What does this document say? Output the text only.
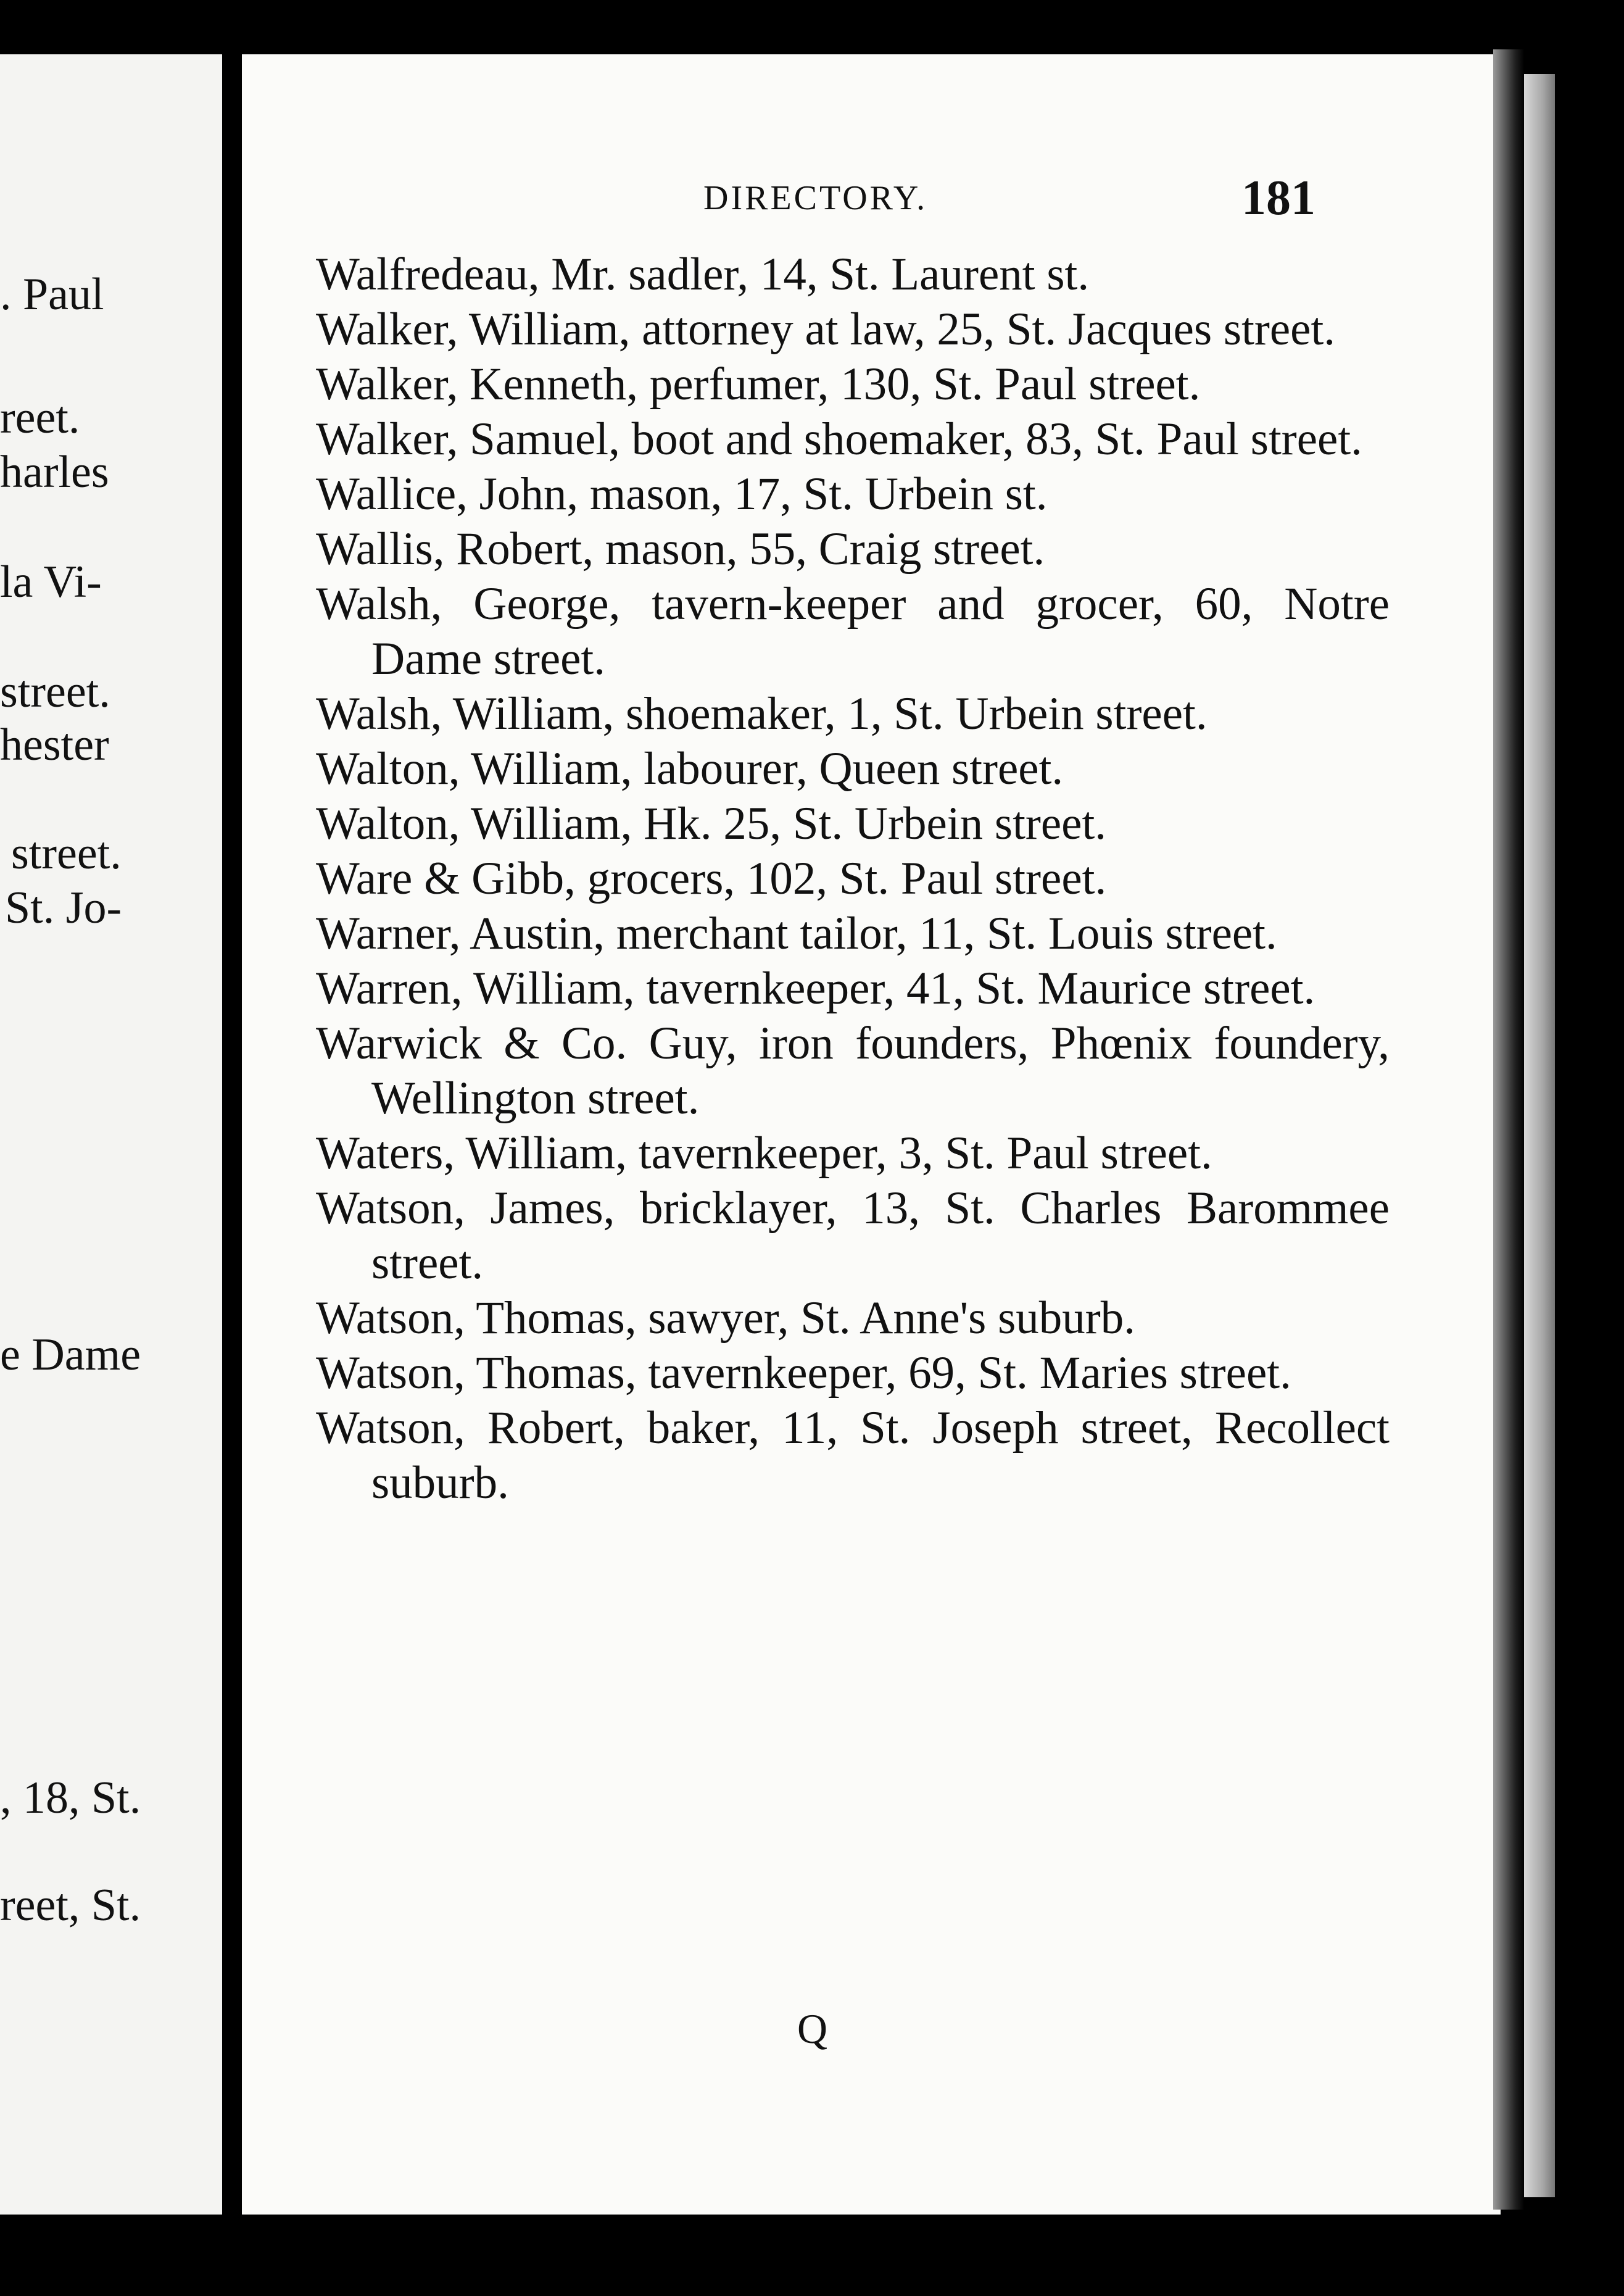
. Paul
reet.
harles
la Vi-
street.
hester
street.
St. Jo-
e Dame
, 18, St.
reet, St.
DIRECTORY.	181

Walfredeau, Mr. sadler, 14, St. Laurent st.

Walker, William, attorney at law, 25, St. Jacques street.

Walker, Kenneth, perfumer, 130, St. Paul street.

Walker, Samuel, boot and shoemaker, 83, St. Paul street.

Wallice, John, mason, 17, St. Urbein st.

Wallis, Robert, mason, 55, Craig street.

Walsh, George, tavern-keeper and grocer, 60, Notre Dame street.

Walsh, William, shoemaker, 1, St. Urbein street.

Walton, William, labourer, Queen street.

Walton, William, Hk. 25, St. Urbein street.

Ware & Gibb, grocers, 102, St. Paul street.

Warner, Austin, merchant tailor, 11, St. Louis street.

Warren, William, tavernkeeper, 41, St. Maurice street.

Warwick & Co. Guy, iron founders, Phœnix foundery, Wellington street.

Waters, William, tavernkeeper, 3, St. Paul street.

Watson, James, bricklayer, 13, St. Charles Barommee street.

Watson, Thomas, sawyer, St. Anne's suburb.

Watson, Thomas, tavernkeeper, 69, St. Maries street.

Watson, Robert, baker, 11, St. Joseph street, Recollect suburb.

Q
